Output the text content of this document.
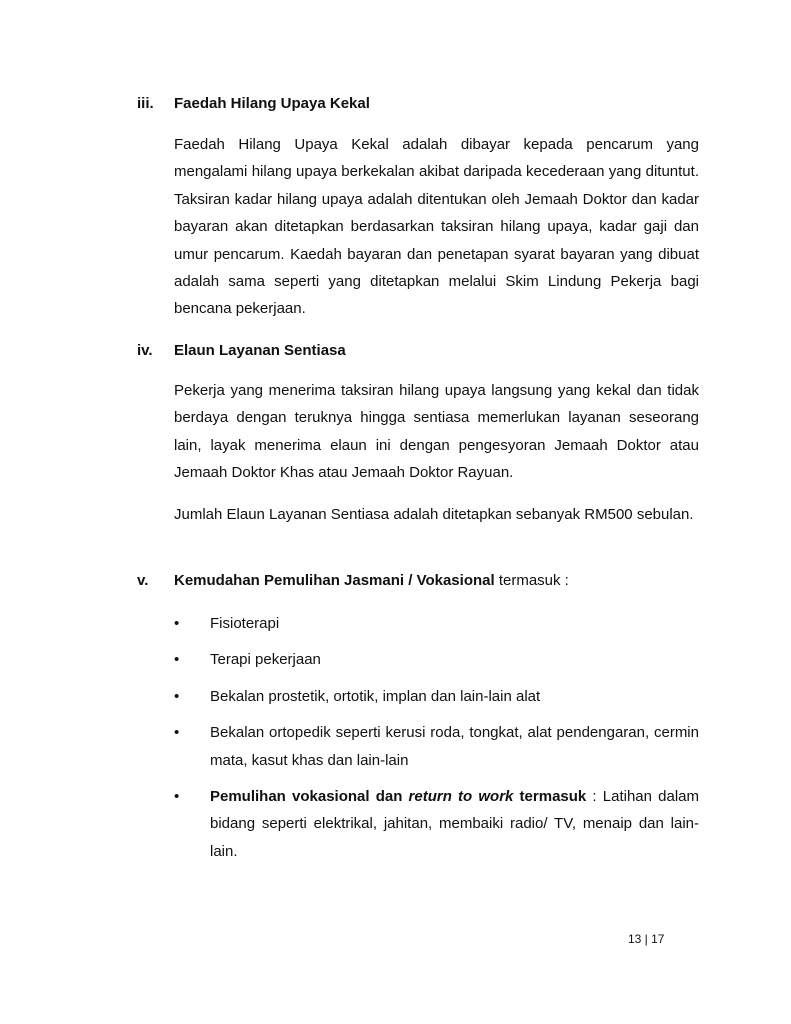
iii.	Faedah Hilang Upaya Kekal

Faedah Hilang Upaya Kekal adalah dibayar kepada pencarum yang mengalami hilang upaya berkekalan akibat daripada kecederaan yang dituntut. Taksiran kadar hilang upaya adalah ditentukan oleh Jemaah Doktor dan kadar bayaran akan ditetapkan berdasarkan taksiran hilang upaya, kadar gaji dan umur pencarum. Kaedah bayaran dan penetapan syarat bayaran yang dibuat adalah sama seperti yang ditetapkan melalui Skim Lindung Pekerja bagi bencana pekerjaan.

iv.	Elaun Layanan Sentiasa

Pekerja yang menerima taksiran hilang upaya langsung yang kekal dan tidak berdaya dengan teruknya hingga sentiasa memerlukan layanan seseorang lain, layak menerima elaun ini dengan pengesyoran Jemaah Doktor atau Jemaah Doktor Khas atau Jemaah Doktor Rayuan.

Jumlah Elaun Layanan Sentiasa adalah ditetapkan sebanyak RM500 sebulan.

v.	Kemudahan Pemulihan Jasmani / Vokasional termasuk :
•	Fisioterapi
•	Terapi pekerjaan
•	Bekalan prostetik, ortotik, implan dan lain-lain alat
•	Bekalan ortopedik seperti kerusi roda, tongkat, alat pendengaran, cermin mata, kasut khas dan lain-lain
•	Pemulihan vokasional dan return to work termasuk : Latihan dalam bidang seperti elektrikal, jahitan, membaiki radio/ TV, menaip dan lain-lain.
13 | 17
